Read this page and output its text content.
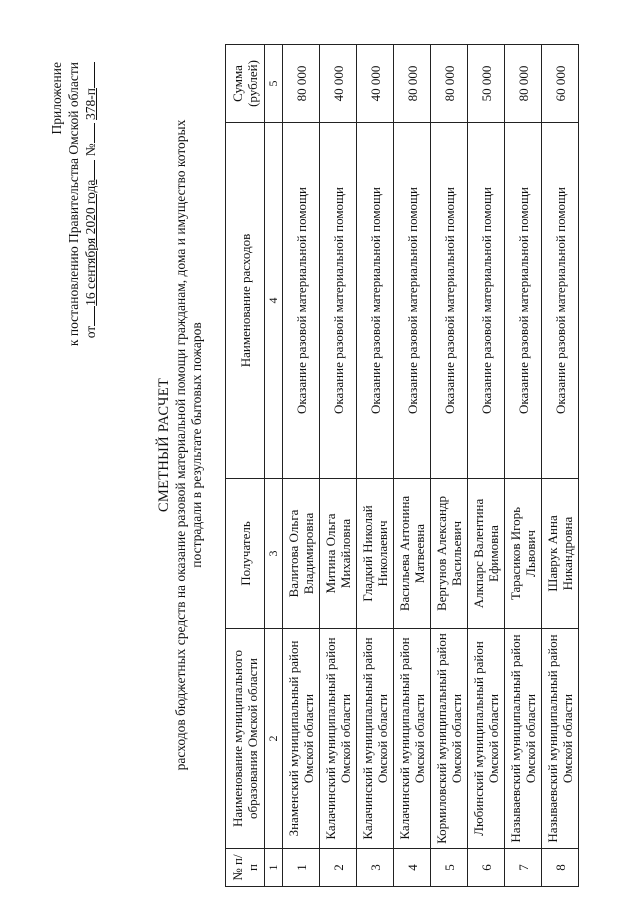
Приложение к постановлению Правительства Омской области от16 сентября 2020 года № 378-п
СМЕТНЫЙ РАСЧЕТ расходов бюджетных средств на оказание разовой материальной помощи гражданам, дома и имущество которых пострадали в результате бытовых пожаров
№ п/п	Наименование муниципального образования Омской области	Получатель	Наименование расходов	Сумма (рублей)
1	2	3	4	5
1	Знаменский муниципальный район Омской области	Валитова Ольга Владимировна	Оказание разовой материальной помощи	80 000
2	Калачинский муниципальный район Омской области	Митина Ольга Михайловна	Оказание разовой материальной помощи	40 000
3	Калачинский муниципальный район Омской области	Гладкий Николай Николаевич	Оказание разовой материальной помощи	40 000
4	Калачинский муниципальный район Омской области	Васильева Антонина Матвеевна	Оказание разовой материальной помощи	80 000
5	Кормиловский муниципальный район Омской области	Вергунов Александр Васильевич	Оказание разовой материальной помощи	80 000
6	Любинский муниципальный район Омской области	Алкпарс Валентина Ефимовна	Оказание разовой материальной помощи	50 000
7	Называевский муниципальный район Омской области	Тарасиков Игорь Львович	Оказание разовой материальной помощи	80 000
8	Называевский муниципальный район Омской области	Шаврук Анна Никандровна	Оказание разовой материальной помощи	60 000
